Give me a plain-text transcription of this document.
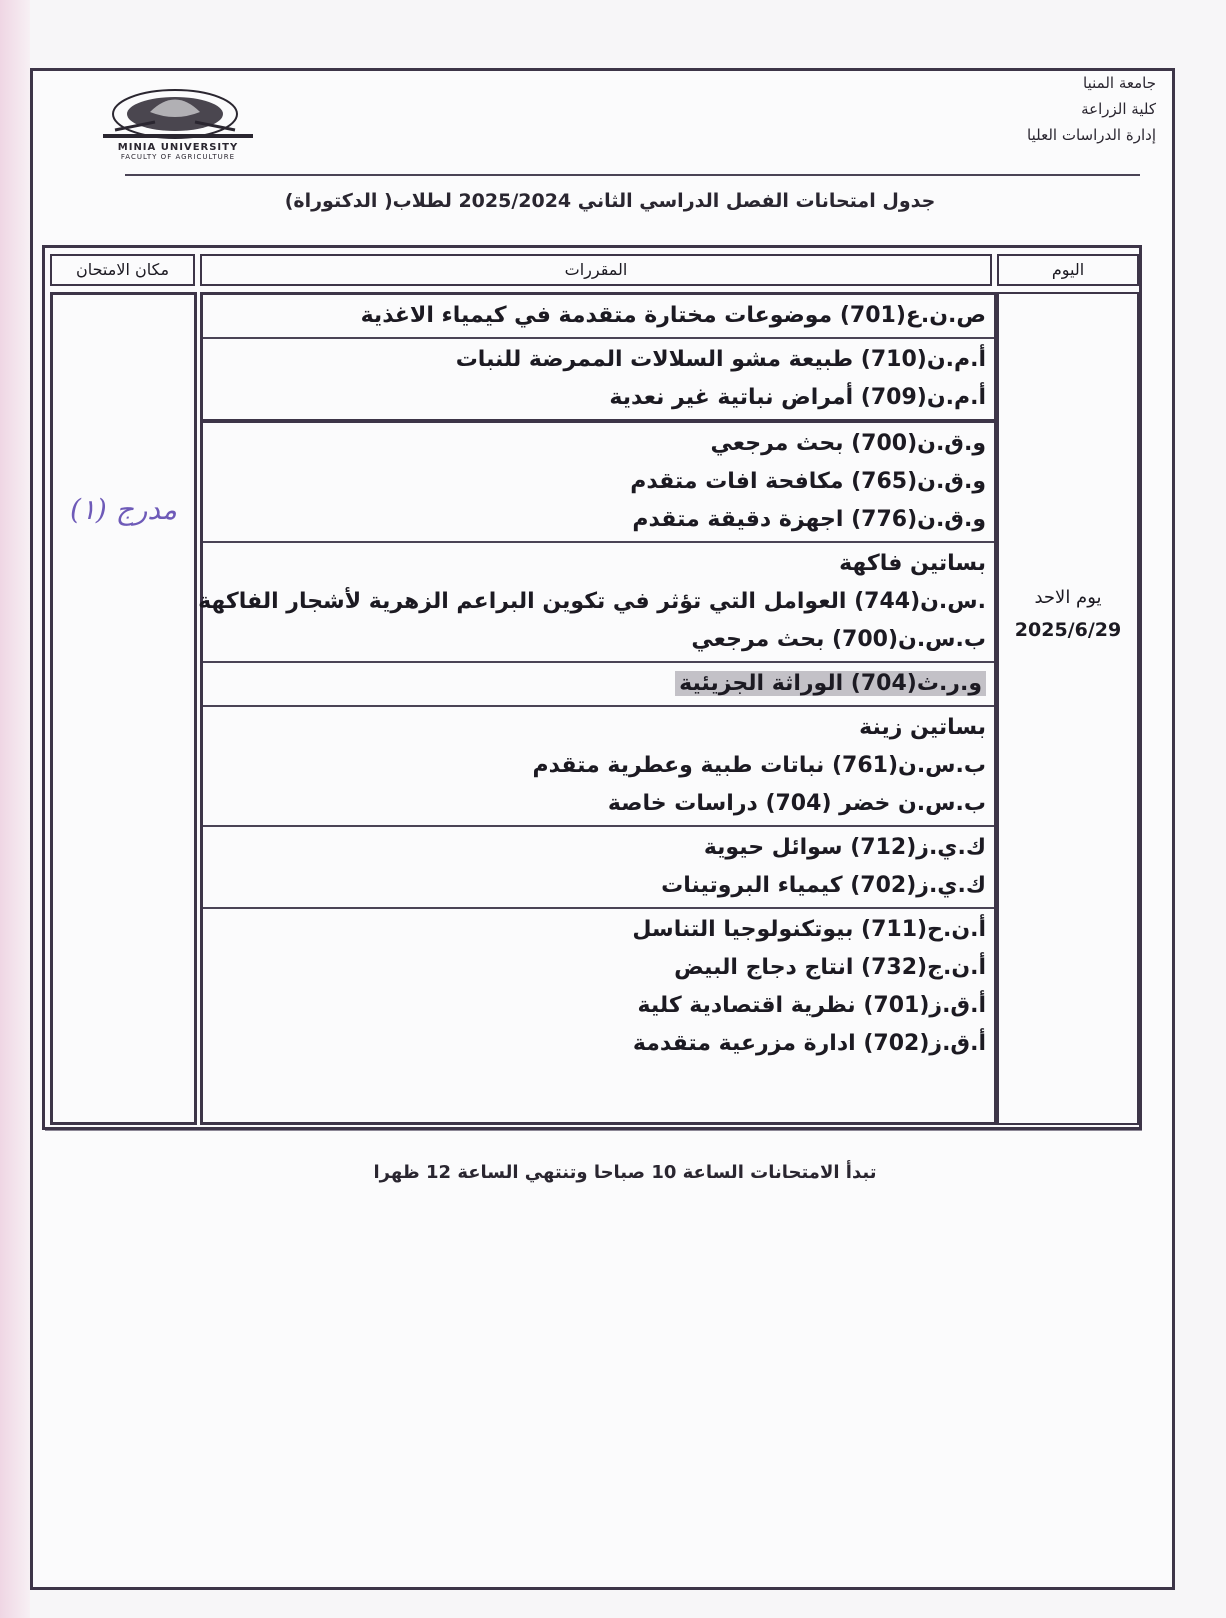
جامعة المنيا
كلية الزراعة
إدارة الدراسات العليا
MINIA UNIVERSITY
FACULTY OF AGRICULTURE
جدول امتحانات الفصل الدراسي الثاني 2025/2024 لطلاب( الدكتوراة)
اليوم
المقررات
مكان الامتحان
يوم الاحد
2025/6/29
ص.ن.ع(701) موضوعات مختارة متقدمة في كيمياء الاغذية
أ.م.ن(710) طبيعة مشو السلالات الممرضة للنبات
أ.م.ن(709) أمراض نباتية غير نعدية
و.ق.ن(700) بحث مرجعي
و.ق.ن(765) مكافحة افات متقدم
و.ق.ن(776) اجهزة دقيقة متقدم
بساتين فاكهة
.س.ن(744) العوامل التي تؤثر في تكوين البراعم الزهرية لأشجار الفاكهة
ب.س.ن(700) بحث مرجعي
و.ر.ث(704) الوراثة الجزيئية
بساتين زينة
ب.س.ن(761) نباتات طبية وعطرية متقدم
ب.س.ن خضر (704) دراسات خاصة
ك.ي.ز(712) سوائل حيوية
ك.ي.ز(702) كيمياء البروتينات
أ.ن.ح(711) بيوتكنولوجيا التناسل
أ.ن.ج(732) انتاج دجاج البيض
أ.ق.ز(701) نظرية اقتصادية كلية
أ.ق.ز(702) ادارة مزرعية متقدمة
مدرج (١)
تبدأ الامتحانات الساعة 10 صباحا وتنتهي الساعة 12 ظهرا
